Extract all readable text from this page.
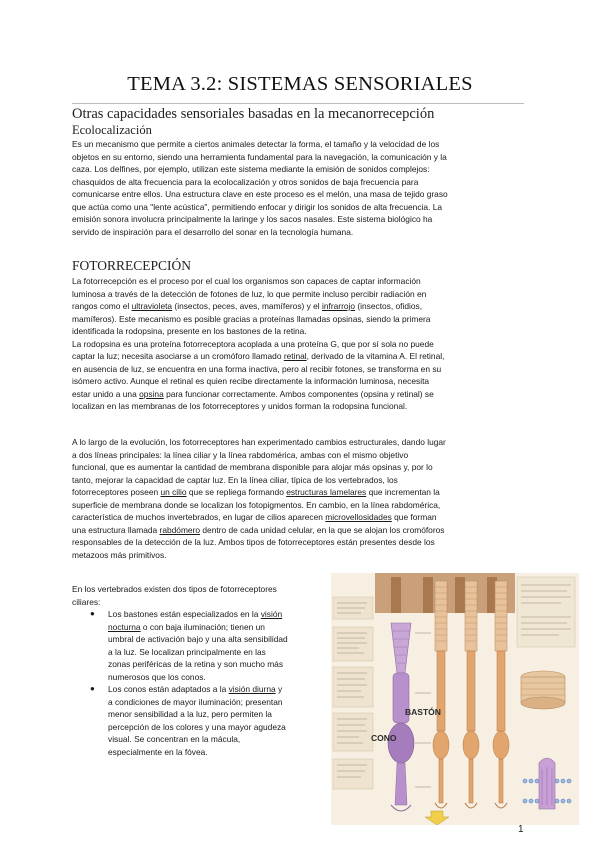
TEMA 3.2: SISTEMAS SENSORIALES
Otras capacidades sensoriales basadas en la mecanorrecepción
Ecolocalización

Es un mecanismo que permite a ciertos animales detectar la forma, el tamaño y la velocidad de los

objetos en su entorno, siendo una herramienta fundamental para la navegación, la comunicación y la

caza. Los delfines, por ejemplo, utilizan este sistema mediante la emisión de sonidos complejos:

chasquidos de alta frecuencia para la ecolocalización y otros sonidos de baja frecuencia para

comunicarse entre ellos. Una estructura clave en este proceso es el melón, una masa de tejido graso

que actúa como una "lente acústica", permitiendo enfocar y dirigir los sonidos de alta frecuencia. La

emisión sonora involucra principalmente la laringe y los sacos nasales. Este sistema biológico ha

servido de inspiración para el desarrollo del sonar en la tecnología humana.

FOTORRECEPCIÓN

La fotorrecepción es el proceso por el cual los organismos son capaces de captar información

luminosa a través de la detección de fotones de luz, lo que permite incluso percibir radiación en

rangos como el ultravioleta (insectos, peces, aves, mamíferos) y el infrarrojo (insectos, ofidios,

mamíferos). Este mecanismo es posible gracias a proteínas llamadas opsinas, siendo la primera

identificada la rodopsina, presente en los bastones de la retina.

La rodopsina es una proteína fotorreceptora acoplada a una proteína G, que por sí sola no puede

captar la luz; necesita asociarse a un cromóforo llamado retinal, derivado de la vitamina A. El retinal,

en ausencia de luz, se encuentra en una forma inactiva, pero al recibir fotones, se transforma en su

isómero activo. Aunque el retinal es quien recibe directamente la información luminosa, necesita

estar unido a una opsina para funcionar correctamente. Ambos componentes (opsina y retinal) se

localizan en las membranas de los fotorreceptores y unidos forman la rodopsina funcional.

A lo largo de la evolución, los fotorreceptores han experimentado cambios estructurales, dando lugar

a dos líneas principales: la línea ciliar y la línea rabdomérica, ambas con el mismo objetivo

funcional, que es aumentar la cantidad de membrana disponible para alojar más opsinas y, por lo

tanto, mejorar la capacidad de captar luz. En la línea ciliar, típica de los vertebrados, los

fotorreceptores poseen un cilio que se repliega formando estructuras lamelares que incrementan la

superficie de membrana donde se localizan los fotopigmentos. En cambio, en la línea rabdomérica,

característica de muchos invertebrados, en lugar de cilios aparecen microvellosidades que forman

una estructura llamada rabdómero dentro de cada unidad celular, en la que se alojan los cromóforos

responsables de la detección de la luz. Ambos tipos de fotorreceptores están presentes desde los

metazoos más primitivos.

En los vertebrados existen dos tipos de fotorreceptores

ciliares:

● Los bastones están especializados en la visión

nocturna o con baja iluminación; tienen un

umbral de activación bajo y una alta sensibilidad

a la luz. Se localizan principalmente en las

zonas periféricas de la retina y son mucho más

numerosos que los conos.

● Los conos están adaptados a la visión diurna y

a condiciones de mayor iluminación; presentan

menor sensibilidad a la luz, pero permiten la

percepción de los colores y una mayor agudeza

visual. Se concentran en la mácula,

especialmente en la fóvea.

BASTÓN
CONO
1
